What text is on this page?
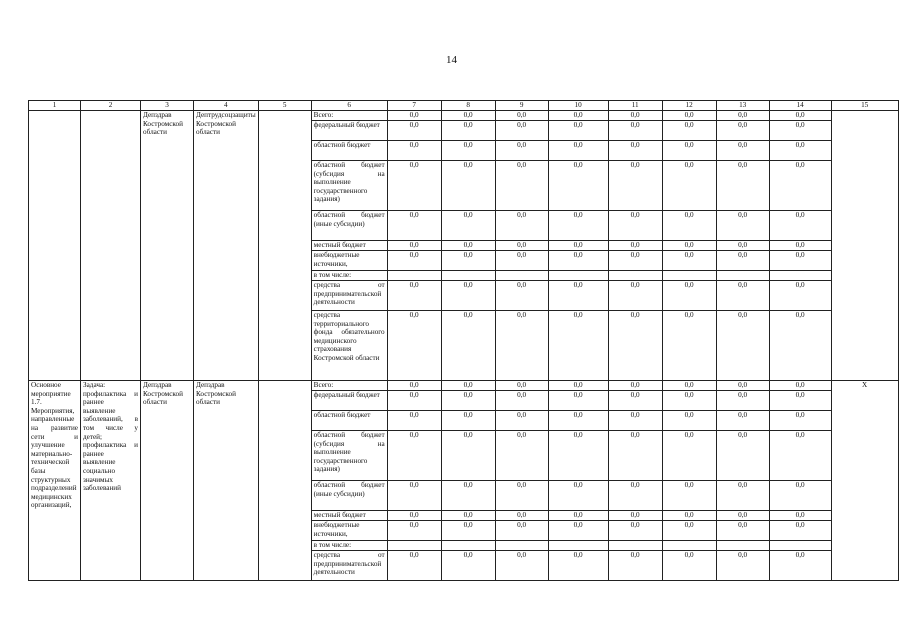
14
1	2	3	4	5	6	7	8	9	10	11	12	13	14	15
		Депздрав Костромской области	Дептрудсоцзащиты Костромской области		Всего:	0,0	0,0	0,0	0,0	0,0	0,0	0,0	0,0	
					федеральный бюджет	0,0	0,0	0,0	0,0	0,0	0,0	0,0	0,0	
					областной бюджет	0,0	0,0	0,0	0,0	0,0	0,0	0,0	0,0	
					областной бюджет (субсидия на выполнение государственного задания)	0,0	0,0	0,0	0,0	0,0	0,0	0,0	0,0	
					областной бюджет (иные субсидии)	0,0	0,0	0,0	0,0	0,0	0,0	0,0	0,0	
					местный бюджет	0,0	0,0	0,0	0,0	0,0	0,0	0,0	0,0	
					внебюджетные источники,	0,0	0,0	0,0	0,0	0,0	0,0	0,0	0,0	
					в том числе:									
					средства от предпринимательской деятельности	0,0	0,0	0,0	0,0	0,0	0,0	0,0	0,0	
					средства территориального фонда обязательного медицинского страхования Костромской области	0,0	0,0	0,0	0,0	0,0	0,0	0,0	0,0	
Основное мероприятие 1.7. Мероприятия, направленные на развитие сети и улучшение материально-технической базы структурных подразделений медицинских организаций,	Задача: профилактика и раннее выявление заболеваний, в том числе у детей; профилактика и раннее выявление социально значимых заболеваний	Депздрав Костромской области	Депздрав Костромской области		Всего:	0,0	0,0	0,0	0,0	0,0	0,0	0,0	0,0	X
					федеральный бюджет	0,0	0,0	0,0	0,0	0,0	0,0	0,0	0,0	
					областной бюджет	0,0	0,0	0,0	0,0	0,0	0,0	0,0	0,0	
					областной бюджет (субсидия на выполнение государственного задания)	0,0	0,0	0,0	0,0	0,0	0,0	0,0	0,0	
					областной бюджет (иные субсидии)	0,0	0,0	0,0	0,0	0,0	0,0	0,0	0,0	
					местный бюджет	0,0	0,0	0,0	0,0	0,0	0,0	0,0	0,0	
					внебюджетные источники,	0,0	0,0	0,0	0,0	0,0	0,0	0,0	0,0	
					в том числе:									
					средства от предпринимательской деятельности	0,0	0,0	0,0	0,0	0,0	0,0	0,0	0,0	
